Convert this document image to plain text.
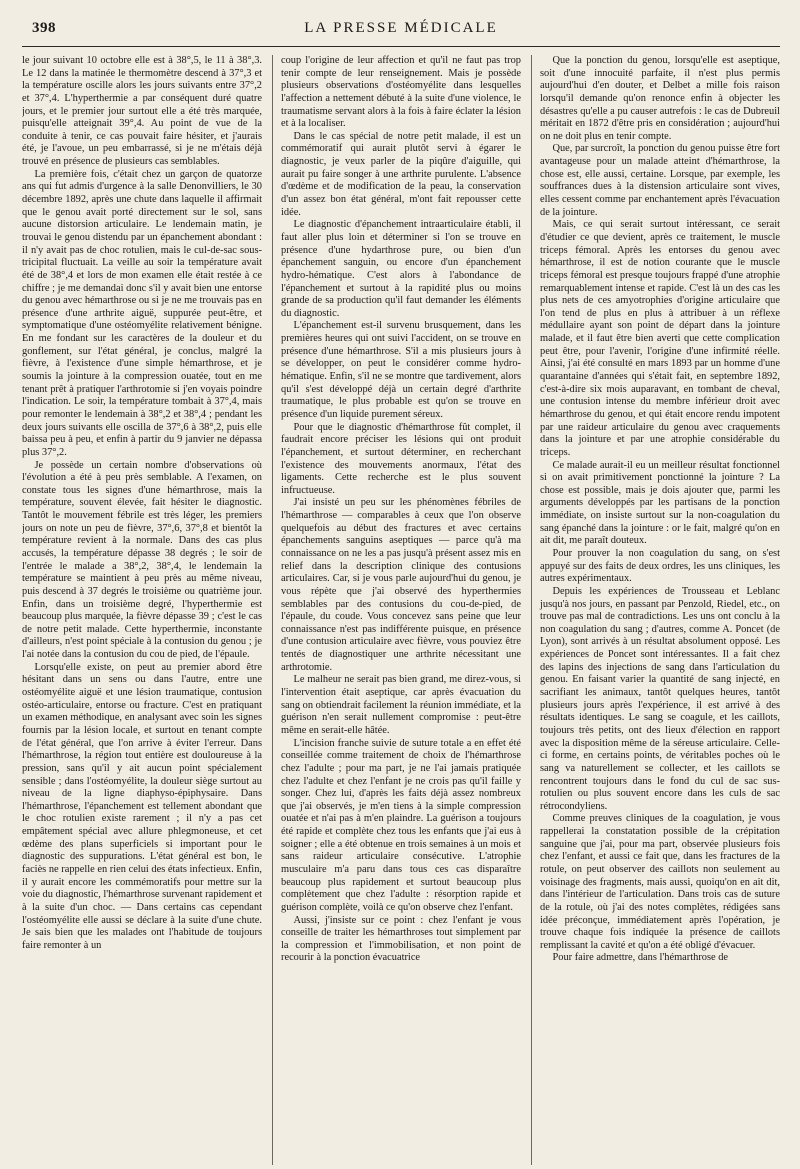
398	LA PRESSE MÉDICALE

le jour suivant 10 octobre elle est à 38°,5, le 11 à 38°,3. Le 12 dans la matinée le thermomètre descend à 37°,3 et la température oscille alors les jours suivants entre 37°,2 et 37°,4. L'hyperthermie a par conséquent duré quatre jours, et le premier jour surtout elle a été très marquée, puisqu'elle atteignait 39°,4. Au point de vue de la conduite à tenir, ce cas pouvait faire hésiter, et j'aurais été, je l'avoue, un peu embarrassé, si je ne m'étais déjà trouvé en présence de plusieurs cas semblables.

La première fois, c'était chez un garçon de quatorze ans qui fut admis d'urgence à la salle Denonvilliers, le 30 décembre 1892, après une chute dans laquelle il affirmait que le genou avait porté directement sur le sol, sans aucune distorsion articulaire. Le lendemain matin, je trouvai le genou distendu par un épanchement abondant : il n'y avait pas de choc rotulien, mais le cul-de-sac sous-tricipital fluctuait. La veille au soir la température avait été de 38°,4 et lors de mon examen elle était restée à ce chiffre ; je me demandai donc s'il y avait bien une entorse du genou avec hémarthrose ou si je ne me trouvais pas en présence d'une arthrite aiguë, suppurée peut-être, et symptomatique d'une ostéomyélite relativement bénigne. En me fondant sur les caractères de la douleur et du gonflement, sur l'état général, je conclus, malgré la fièvre, à l'existence d'une simple hémarthrose, et je soumis la jointure à la compression ouatée, tout en me tenant prêt à pratiquer l'arthrotomie si j'en voyais poindre l'indication. Le soir, la température tombait à 37°,4, mais pour remonter le lendemain à 38°,2 et 38°,4 ; pendant les deux jours suivants elle oscilla de 37°,6 à 38°,2, puis elle baissa peu à peu, et enfin à partir du 9 janvier ne dépassa plus 37°,2.

Je possède un certain nombre d'observations où l'évolution a été à peu près semblable. A l'examen, on constate tous les signes d'une hémarthrose, mais la température, souvent élevée, fait hésiter le diagnostic. Tantôt le mouvement fébrile est très léger, les premiers jours on note un peu de fièvre, 37°,6, 37°,8 et bientôt la température revient à la normale. Dans des cas plus accusés, la température dépasse 38 degrés ; le soir de l'entrée le malade a 38°,2, 38°,4, le lendemain la température se maintient à peu près au même niveau, puis descend à 37 degrés le troisième ou quatrième jour. Enfin, dans un troisième degré, l'hyperthermie est beaucoup plus marquée, la fièvre dépasse 39 ; c'est le cas de notre petit malade. Cette hyperthermie, inconstante d'ailleurs, n'est point spéciale à la contusion du genou ; je l'ai notée dans la contusion du cou de pied, de l'épaule.

Lorsqu'elle existe, on peut au premier abord être hésitant dans un sens ou dans l'autre, entre une ostéomyélite aiguë et une lésion traumatique, contusion ostéo-articulaire, entorse ou fracture. C'est en pratiquant un examen méthodique, en analysant avec soin les signes fournis par la lésion locale, et surtout en tenant compte de l'état général, que l'on arrive à éviter l'erreur. Dans l'hémarthrose, la région tout entière est douloureuse à la pression, sans qu'il y ait aucun point spécialement sensible ; dans l'ostéomyélite, la douleur siège surtout au niveau de la ligne diaphyso-épiphysaire. Dans l'hémarthrose, l'épanchement est tellement abondant que le choc rotulien existe rarement ; il n'y a pas cet empâtement spécial avec allure phlegmoneuse, et cet œdème des plans superficiels si important pour le diagnostic des suppurations. L'état général est bon, le faciès ne rappelle en rien celui des états infectieux. Enfin, il y aurait encore les commémoratifs pour mettre sur la voie du diagnostic, l'hémarthrose survenant rapidement et à la suite d'un choc. — Dans certains cas cependant l'ostéomyélite elle aussi se déclare à la suite d'une chute. Je sais bien que les malades ont l'habitude de toujours faire remonter à un

coup l'origine de leur affection et qu'il ne faut pas trop tenir compte de leur renseignement. Mais je possède plusieurs observations d'ostéomyélite dans lesquelles l'affection a nettement débuté à la suite d'une violence, le traumatisme servant alors à la fois à faire éclater la lésion et à la localiser.

Dans le cas spécial de notre petit malade, il est un commémoratif qui aurait plutôt servi à égarer le diagnostic, je veux parler de la piqûre d'aiguille, qui aurait pu faire songer à une arthrite purulente. L'absence d'œdème et de modification de la peau, la conservation d'un assez bon état général, m'ont fait repousser cette idée.

Le diagnostic d'épanchement intraarticulaire établi, il faut aller plus loin et déterminer si l'on se trouve en présence d'une hydarthrose pure, ou bien d'un épanchement sanguin, ou encore d'un épanchement hydro-hématique. C'est alors à l'abondance de l'épanchement et surtout à la rapidité plus ou moins grande de sa production qu'il faut demander les éléments du diagnostic.

L'épanchement est-il survenu brusquement, dans les premières heures qui ont suivi l'accident, on se trouve en présence d'une hémarthrose. S'il a mis plusieurs jours à se développer, on peut le considérer comme hydro-hématique. Enfin, s'il ne se montre que tardivement, alors qu'il s'est développé déjà un certain degré d'arthrite traumatique, le plus probable est qu'on se trouve en présence d'un liquide purement séreux.

Pour que le diagnostic d'hémarthrose fût complet, il faudrait encore préciser les lésions qui ont produit l'épanchement, et surtout déterminer, en recherchant l'existence des mouvements anormaux, l'état des ligaments. Cette recherche est le plus souvent infructueuse.

J'ai insisté un peu sur les phénomènes fébriles de l'hémarthrose — comparables à ceux que l'on observe quelquefois au début des fractures et avec certains épanchements sanguins aseptiques — parce qu'à ma connaissance on ne les a pas jusqu'à présent assez mis en relief dans la description clinique des contusions articulaires. Car, si je vous parle aujourd'hui du genou, je vous répète que j'ai observé des hyperthermies semblables par des contusions du cou-de-pied, de l'épaule, du coude. Vous concevez sans peine que leur connaissance n'est pas indifférente puisque, en présence d'une contusion articulaire avec fièvre, vous pouviez être tentés de diagnostiquer une arthrite nécessitant une arthrotomie.

Le malheur ne serait pas bien grand, me direz-vous, si l'intervention était aseptique, car après évacuation du sang on obtiendrait facilement la réunion immédiate, et la guérison n'en serait nullement compromise : peut-être même en serait-elle hâtée.

L'incision franche suivie de suture totale a en effet été conseillée comme traitement de choix de l'hémarthrose chez l'adulte ; pour ma part, je ne l'ai jamais pratiquée chez l'adulte et chez l'enfant je ne crois pas qu'il faille y songer. Chez lui, d'après les faits déjà assez nombreux que j'ai observés, je m'en tiens à la simple compression ouatée et n'ai pas à m'en plaindre. La guérison a toujours été rapide et complète chez tous les enfants que j'ai eus à soigner ; elle a été obtenue en trois semaines à un mois et sans raideur articulaire consécutive. L'atrophie musculaire m'a paru dans tous ces cas disparaître beaucoup plus rapidement et surtout beaucoup plus complètement que chez l'adulte : résorption rapide et guérison complète, voilà ce qu'on observe chez l'enfant.

Aussi, j'insiste sur ce point : chez l'enfant je vous conseille de traiter les hémarthroses tout simplement par la compression et l'immobilisation, et non point de recourir à la ponction évacuatrice

Que la ponction du genou, lorsqu'elle est aseptique, soit d'une innocuité parfaite, il n'est plus permis aujourd'hui d'en douter, et Delbet a mille fois raison lorsqu'il demande qu'on renonce enfin à objecter les désastres qu'elle a pu causer autrefois : le cas de Dubreuil méritait en 1872 d'être pris en considération ; aujourd'hui on ne doit plus en tenir compte.

Que, par surcroît, la ponction du genou puisse être fort avantageuse pour un malade atteint d'hémarthrose, la chose est, elle aussi, certaine. Lorsque, par exemple, les souffrances dues à la distension articulaire sont vives, elles cessent comme par enchantement après l'évacuation de la jointure.

Mais, ce qui serait surtout intéressant, ce serait d'étudier ce que devient, après ce traitement, le muscle triceps fémoral. Après les entorses du genou avec hémarthrose, il est de notion courante que le muscle triceps fémoral est presque toujours frappé d'une atrophie remarquablement intense et rapide. C'est là un des cas les plus nets de ces amyotrophies d'origine articulaire que l'on tend de plus en plus à attribuer à un réflexe médullaire ayant son point de départ dans la jointure malade, et il faut être bien averti que cette complication peut être, pour l'avenir, l'origine d'une infirmité réelle. Ainsi, j'ai été consulté en mars 1893 par un homme d'une quarantaine d'années qui s'était fait, en septembre 1892, c'est-à-dire six mois auparavant, en tombant de cheval, une contusion intense du membre inférieur droit avec hémarthrose du genou, et qui était encore rendu impotent par une raideur articulaire du genou avec craquements dans la jointure et par une atrophie considérable du triceps.

Ce malade aurait-il eu un meilleur résultat fonctionnel si on avait primitivement ponctionné la jointure ? La chose est possible, mais je dois ajouter que, parmi les arguments développés par les partisans de la ponction immédiate, on insiste surtout sur la non-coagulation du sang épanché dans la jointure : or le fait, malgré qu'on en ait dit, me paraît douteux.

Pour prouver la non coagulation du sang, on s'est appuyé sur des faits de deux ordres, les uns cliniques, les autres expérimentaux.

Depuis les expériences de Trousseau et Leblanc jusqu'à nos jours, en passant par Penzold, Riedel, etc., on trouve pas mal de contradictions. Les uns ont conclu à la non coagulation du sang ; d'autres, comme A. Poncet (de Lyon), sont arrivés à un résultat absolument opposé. Les expériences de Poncet sont intéressantes. Il a fait chez des lapins des injections de sang dans l'articulation du genou. En faisant varier la quantité de sang injecté, en sacrifiant les animaux, tantôt quelques heures, tantôt plusieurs jours après l'expérience, il est arrivé à des résultats identiques. Le sang se coagule, et les caillots, toujours très petits, ont des lieux d'élection en rapport avec la disposition même de la séreuse articulaire. Celle-ci forme, en certains points, de véritables poches où le sang va naturellement se collecter, et les caillots se rencontrent toujours dans le fond du cul de sac sus-rotulien ou plus souvent encore dans les culs de sac rétrocondyliens.

Comme preuves cliniques de la coagulation, je vous rappellerai la constatation possible de la crépitation sanguine que j'ai, pour ma part, observée plusieurs fois chez l'enfant, et aussi ce fait que, dans les fractures de la rotule, on peut observer des caillots non seulement au voisinage des fragments, mais aussi, quoiqu'on en ait dit, dans l'intérieur de l'articulation. Dans trois cas de suture de la rotule, où j'ai des notes complètes, rédigées sans idée préconçue, immédiatement après l'opération, je trouve chaque fois indiquée la présence de caillots remplissant la cavité et qu'on a été obligé d'évacuer.

Pour faire admettre, dans l'hémarthrose de
